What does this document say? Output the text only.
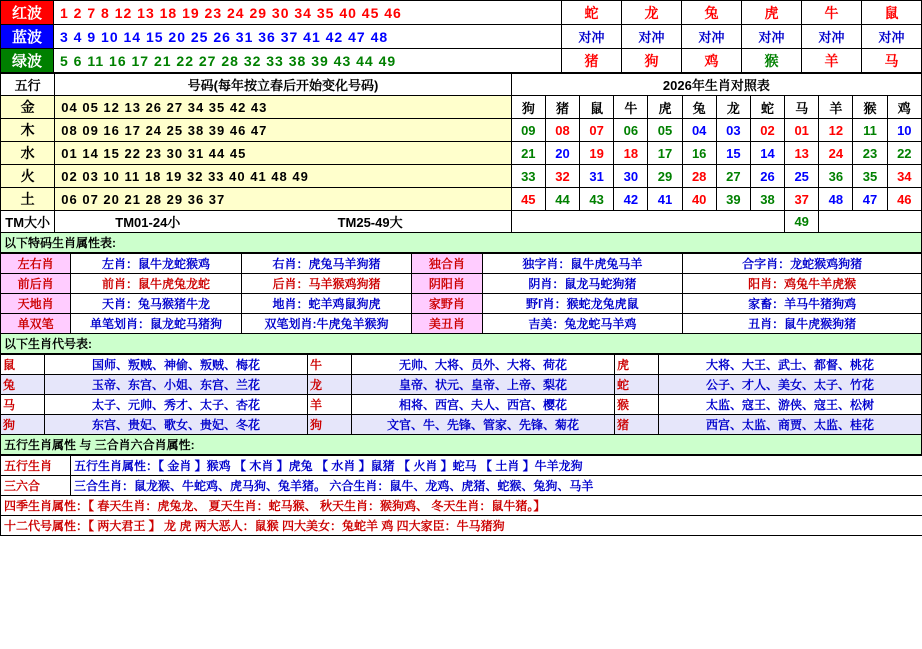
红波	1 2 7 8 12 13 18 19 23 24 29 30 34 35 40 45 46	蛇	龙	兔	虎	牛	鼠
蓝波	3 4 9 10 14 15 20 25 26 31 36 37 41 42 47 48	对冲	对冲	对冲	对冲	对冲	对冲
绿波	5 6 11 16 17 21 22 27 28 32 33 38 39 43 44 49	猪	狗	鸡	猴	羊	马
五行	号码(每年按立春后开始变化号码)	2026年生肖对照表											
金	04 05 12 13 26 27 34 35 42 43	狗	猪	鼠	牛	虎	兔	龙	蛇	马	羊	猴	鸡
木	08 09 16 17 24 25 38 39 46 47	09	08	07	06	05	04	03	02	01	12	11	10
水	01 14 15 22 23 30 31 44 45	21	20	19	18	17	16	15	14	13	24	23	22
火	02 03 10 11 18 19 32 33 40 41 48 49	33	32	31	30	29	28	27	26	25	36	35	34
土	06 07 20 21 28 29 36 37	45	44	43	42	41	40	39	38	37	48	47	46
TM大小	TM01-24小 TM25-49大									49			
以下特码生肖属性表:
左右肖	左肖：鼠牛龙蛇猴鸡	右肖：虎兔马羊狗猪	独合肖	独字肖：鼠牛虎兔马羊	合字肖：龙蛇猴鸡狗猪
前后肖	前肖：鼠牛虎兔龙蛇	后肖：马羊猴鸡狗猪	阴阳肖	阴肖：鼠龙马蛇狗猪	阳肖：鸡兔牛羊虎猴
天地肖	天肖：兔马猴猪牛龙	地肖：蛇羊鸡鼠狗虎	家野肖	野ľ肖：猴蛇龙兔虎鼠	家畜：羊马牛猪狗鸡
单双笔	单笔划肖：鼠龙蛇马猪狗	双笔划肖:牛虎兔羊猴狗	美丑肖	吉美：兔龙蛇马羊鸡	丑肖：鼠牛虎猴狗猪
以下生肖代号表:
鼠	国师、叛贼、神偷、叛贼、梅花	牛	无帅、大将、员外、大将、荷花	虎	大将、大王、武士、都督、桃花
兔	玉帝、东宫、小姐、东宫、兰花	龙	皇帝、状元、皇帝、上帝、梨花	蛇	公子、才人、美女、太子、竹花
马	太子、元帅、秀才、太子、杏花	羊	相将、西宫、夫人、西宫、樱花	猴	太监、寇王、游侠、寇王、松树
狗	东宫、贵妃、歌女、贵妃、冬花	狗	文官、牛、先锋、管家、先锋、菊花	猪	西宫、太监、商贾、太监、桂花
五行生肖属性 与 三合肖六合肖属性:
五行生肖	五行生肖属性：【 金肖 】猴鸡 【 木肖 】虎兔 【 水肖 】鼠猪 【 火肖 】蛇马 【 土肖 】牛羊龙狗
三六合	三合生肖：鼠龙猴、牛蛇鸡、虎马狗、兔羊猪。 六合生肖：鼠牛、龙鸡、虎猪、蛇猴、兔狗、马羊
四季生肖属性：【 春天生肖：虎兔龙、 夏天生肖：蛇马猴、 秋天生肖：猴狗鸡、 冬天生肖：鼠牛猪。】	
十二代号属性：【 两大君王 】 龙 虎 两大恶人：鼠猴 四大美女：兔蛇羊 鸡 四大家臣：牛马猪狗	
